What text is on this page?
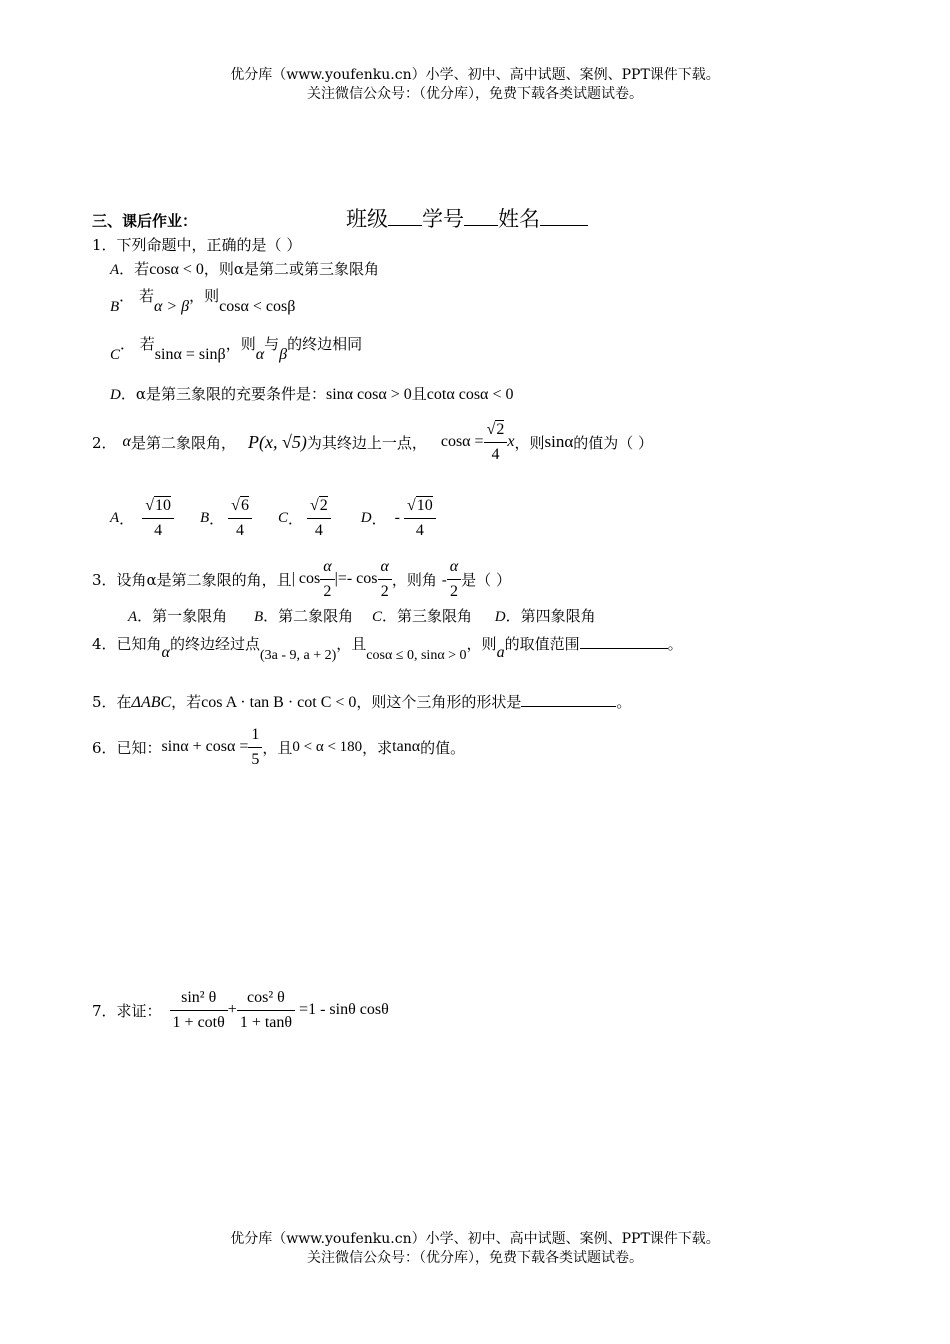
优分库（www.youfenku.cn）小学、初中、高中试题、案例、PPT课件下载。
关注微信公众号：（优分库），免费下载各类试题试卷。
三、课后作业：	班级 学号 姓名
1．下列命题中，正确的是（ ）
A．若cosα < 0，则α是第二或第三象限角
B． 若α > β，则cosα < cosβ
C． 若sinα = sinβ，则α与β的终边相同
D．α是第三象限的充要条件是：sinα cosα > 0且cotα cosα < 0
2． α 是第二象限角， P(x, √5) 为其终边上一点， $\cos\alpha = \frac{√2}{4}$ x ，则 sinα 的值为（ ）
A ． $\frac{√10}{4}$ B ． $\frac{√6}{4}$ C ． $\frac{√2}{4}$ D ． - $\frac{√10}{4}$
3．设角α是第二象限的角，且 | $\cos \frac{\alpha}{2}$ |=- $\cos \frac{\alpha}{2}$ ，则角 - $\frac{\alpha}{2}$ 是（ ）
A．第一象限角 B．第二象限角 C．第三象限角 D．第四象限角
4．已知角α的终边经过点(3a - 9, a + 2)，且cosα ≤ 0, sinα > 0，则a的取值范围	。
5．在ΔABC，若cos A · tan B · cot C < 0，则这个三角形的形状是	。
6．已知： $\sin\alpha + \cos\alpha = \frac{1}{5}$ ，且 0 < α < 180 ，求 tanα 的值。
7．求证： $\frac{\text{sin² θ}}{1 + \cot\theta} + \frac{\text{cos² θ}}{1 + \tan\theta} =1 - \sin\theta$ cosθ
优分库（www.youfenku.cn）小学、初中、高中试题、案例、PPT课件下载。
关注微信公众号：（优分库），免费下载各类试题试卷。
